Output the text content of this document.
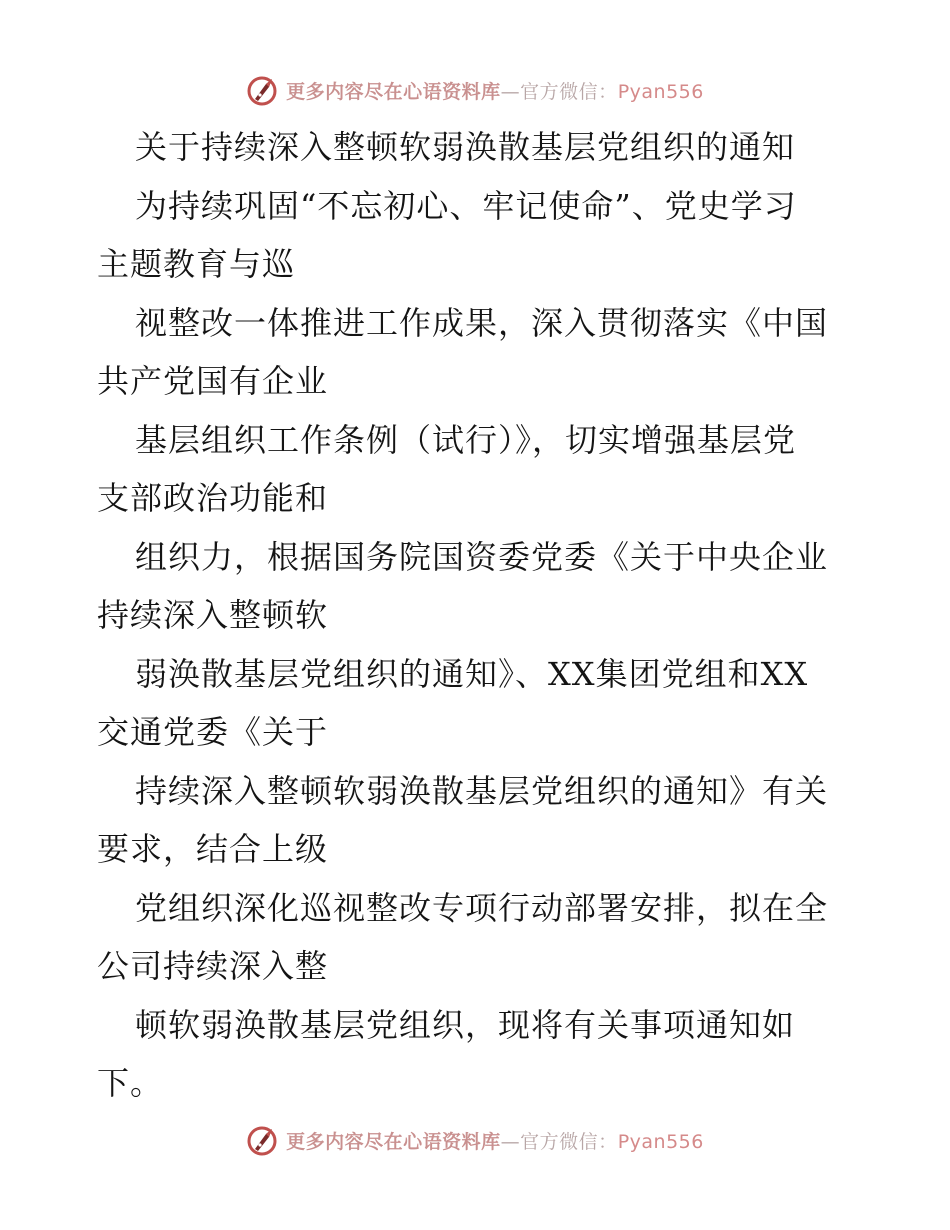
更多内容尽在心语资料库—官方微信：Pyan556
关于持续深入整顿软弱涣散基层党组织的通知
为持续巩固“不忘初心、牢记使命”、党史学习
主题教育与巡
视整改一体推进工作成果，深入贯彻落实《中国
共产党国有企业
基层组织工作条例（试行）》，切实增强基层党
支部政治功能和
组织力，根据国务院国资委党委《关于中央企业
持续深入整顿软
弱涣散基层党组织的通知》、XX集团党组和XX
交通党委《关于
持续深入整顿软弱涣散基层党组织的通知》有关
要求，结合上级
党组织深化巡视整改专项行动部署安排，拟在全
公司持续深入整
顿软弱涣散基层党组织，现将有关事项通知如
下。
更多内容尽在心语资料库—官方微信：Pyan556
